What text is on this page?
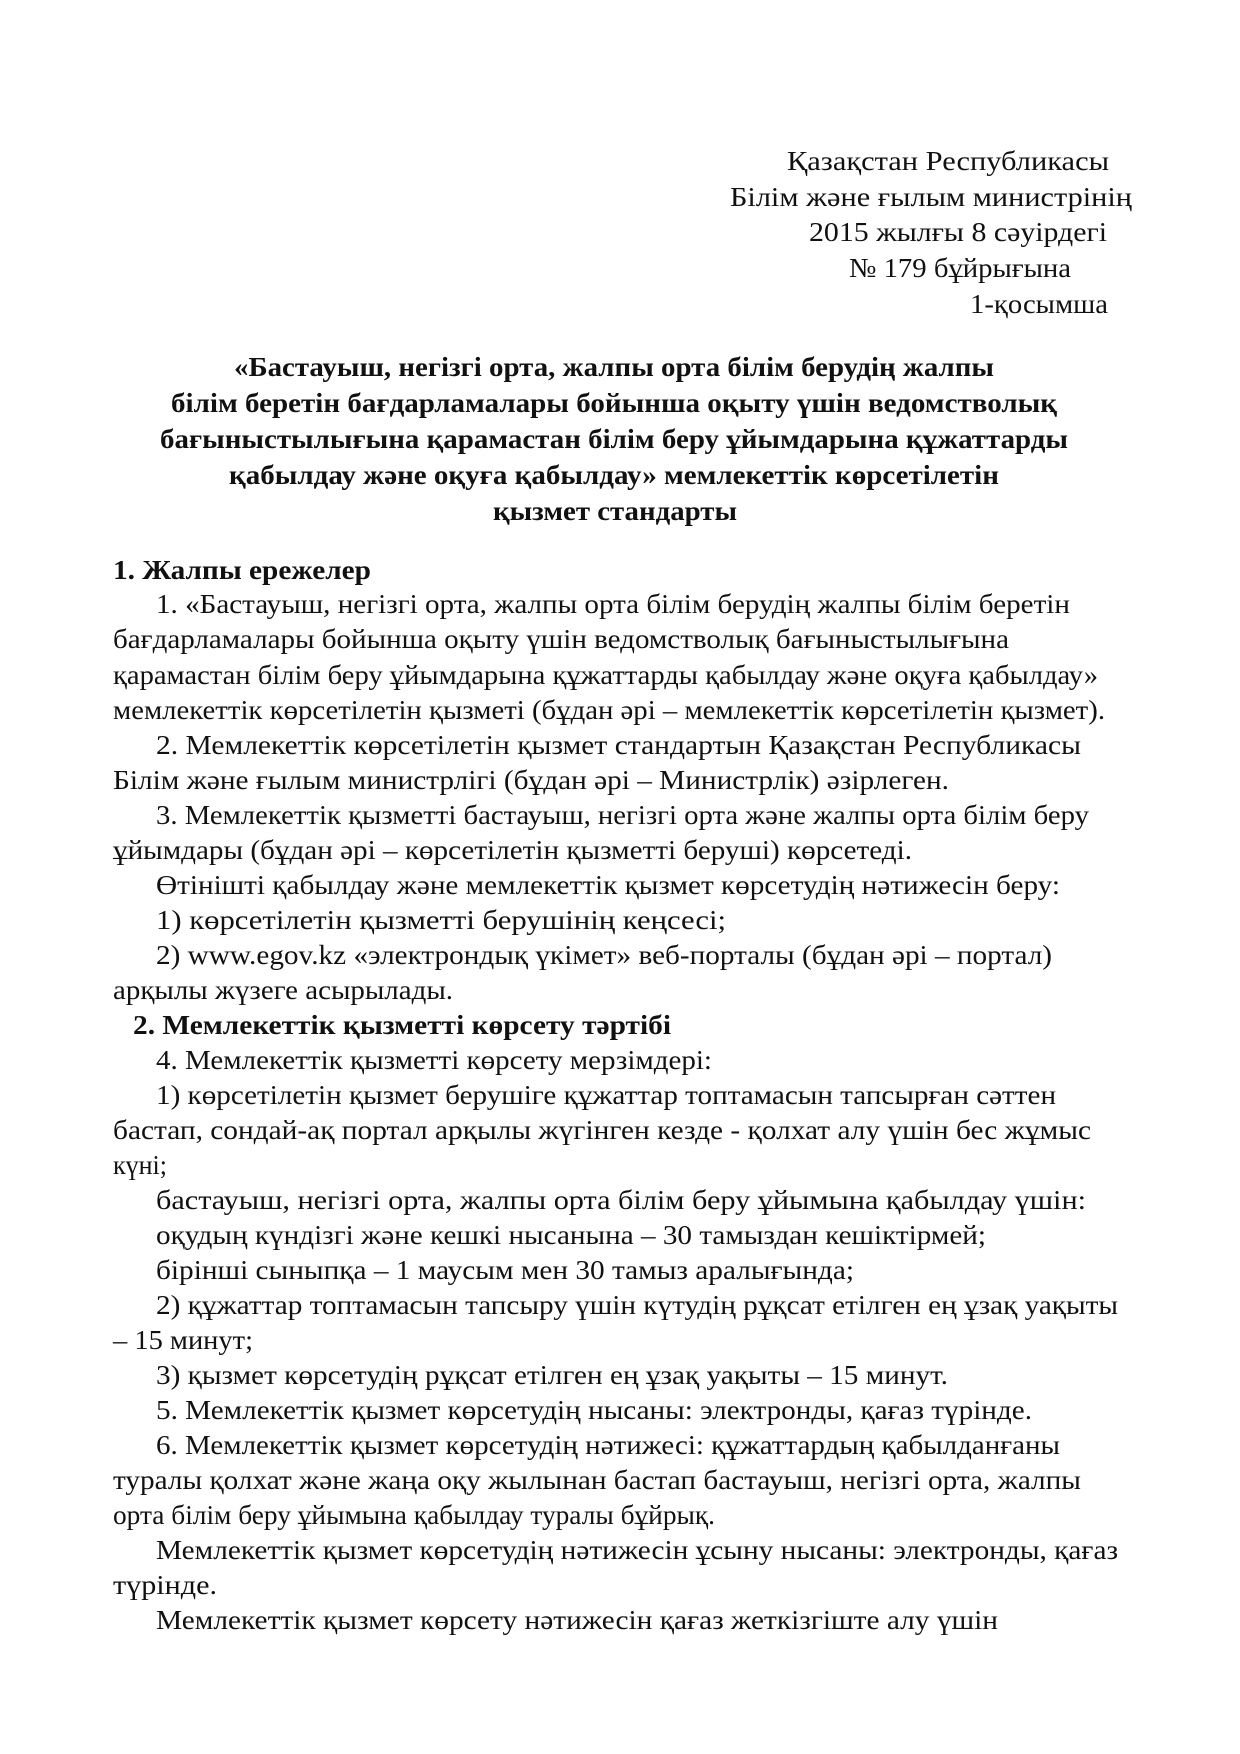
Қазақстан Республикасы
Білім және ғылым министрінің
2015 жылғы 8 сәуірдегі
№ 179 бұйрығына
1-қосымша
«Бастауыш, негізгі орта, жалпы орта білім берудің жалпы
білім беретін бағдарламалары бойынша оқыту үшін ведомстволық
бағыныстылығына қарамастан білім беру ұйымдарына құжаттарды
қабылдау және оқуға қабылдау» мемлекеттік көрсетілетін
қызмет стандарты
1. Жалпы ережелер
1. «Бастауыш, негізгі орта, жалпы орта білім берудің жалпы білім беретін
бағдарламалары бойынша оқыту үшін ведомстволық бағыныстылығына
қарамастан білім беру ұйымдарына құжаттарды қабылдау және оқуға қабылдау»
мемлекеттік көрсетілетін қызметі (бұдан әрі – мемлекеттік көрсетілетін қызмет).
2. Мемлекеттік көрсетілетін қызмет стандартын Қазақстан Республикасы
Білім және ғылым министрлігі (бұдан әрі – Министрлік) әзірлеген.
3. Мемлекеттік қызметті бастауыш, негізгі орта және жалпы орта білім беру
ұйымдары (бұдан әрі – көрсетілетін қызметті беруші) көрсетеді.
Өтінішті қабылдау және мемлекеттік қызмет көрсетудің нәтижесін беру:
1) көрсетілетін қызметті берушінің кеңсесі;
2) www.egov.kz «электрондық үкімет» веб-порталы (бұдан әрі – портал)
арқылы жүзеге асырылады.
2. Мемлекеттік қызметті көрсету тәртібі
4. Мемлекеттік қызметті көрсету мерзімдері:
1) көрсетілетін қызмет берушіге құжаттар топтамасын тапсырған сәттен
бастап, сондай-ақ портал арқылы жүгінген кезде - қолхат алу үшін бес жұмыс
күні;
бастауыш, негізгі орта, жалпы орта білім беру ұйымына қабылдау үшін:
оқудың күндізгі және кешкі нысанына – 30 тамыздан кешіктірмей;
бірінші сыныпқа – 1 маусым мен 30 тамыз аралығында;
2) құжаттар топтамасын тапсыру үшін күтудің рұқсат етілген ең ұзақ уақыты
– 15 минут;
3) қызмет көрсетудің рұқсат етілген ең ұзақ уақыты – 15 минут.
5. Мемлекеттік қызмет көрсетудің нысаны: электронды, қағаз түрінде.
6. Мемлекеттік қызмет көрсетудің нәтижесі: құжаттардың қабылданғаны
туралы қолхат және жаңа оқу жылынан бастап бастауыш, негізгі орта, жалпы
орта білім беру ұйымына қабылдау туралы бұйрық.
Мемлекеттік қызмет көрсетудің нәтижесін ұсыну нысаны: электронды, қағаз
түрінде.
Мемлекеттік қызмет көрсету нәтижесін қағаз жеткізгіште алу үшін
